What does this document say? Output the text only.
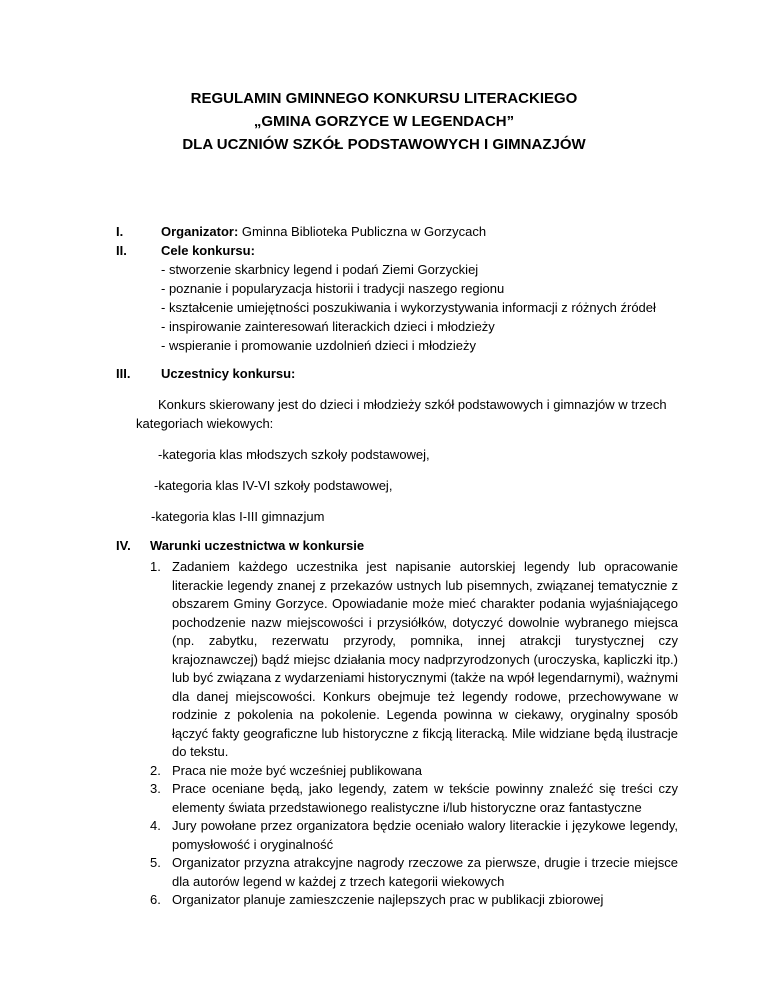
REGULAMIN GMINNEGO KONKURSU LITERACKIEGO
„GMINA GORZYCE W LEGENDACH”
DLA UCZNIÓW SZKÓŁ PODSTAWOWYCH I GIMNAZJÓW
I.	Organizator: Gminna Biblioteka Publiczna w Gorzycach
II.	Cele konkursu:
- stworzenie skarbnicy legend i podań Ziemi Gorzyckiej
- poznanie i popularyzacja historii i tradycji naszego regionu
- kształcenie umiejętności poszukiwania i wykorzystywania informacji z różnych źródeł
- inspirowanie zainteresowań literackich dzieci i młodzieży
- wspieranie i promowanie uzdolnień dzieci i młodzieży
III. Uczestnicy konkursu:
Konkurs skierowany jest do dzieci i młodzieży szkół podstawowych i gimnazjów w trzech
kategoriach wiekowych:
-kategoria klas młodszych szkoły podstawowej,
-kategoria klas IV-VI szkoły podstawowej,
-kategoria klas I-III gimnazjum
IV. Warunki uczestnictwa w konkursie
1. Zadaniem każdego uczestnika jest napisanie autorskiej legendy lub opracowanie literackie legendy znanej z przekazów ustnych lub pisemnych, związanej tematycznie z obszarem Gminy Gorzyce. Opowiadanie może mieć charakter podania wyjaśniającego pochodzenie nazw miejscowości i przysiółków, dotyczyć dowolnie wybranego miejsca (np. zabytku, rezerwatu przyrody, pomnika, innej atrakcji turystycznej czy krajoznawczej) bądź miejsc działania mocy nadprzyrodzonych (uroczyska, kapliczki itp.) lub być związana z wydarzeniami historycznymi (także na wpół legendarnymi), ważnymi dla danej miejscowości. Konkurs obejmuje też legendy rodowe, przechowywane w rodzinie z pokolenia na pokolenie. Legenda powinna w ciekawy, oryginalny sposób łączyć fakty geograficzne lub historyczne z fikcją literacką. Mile widziane będą ilustracje do tekstu.
2. Praca nie może być wcześniej publikowana
3. Prace oceniane będą, jako legendy, zatem w tekście powinny znaleźć się treści czy elementy świata przedstawionego realistyczne i/lub historyczne oraz fantastyczne
4. Jury powołane przez organizatora będzie oceniało walory literackie i językowe legendy, pomysłowość i oryginalność
5. Organizator przyzna atrakcyjne nagrody rzeczowe za pierwsze, drugie i trzecie miejsce dla autorów legend w każdej z trzech kategorii wiekowych
6. Organizator planuje zamieszczenie najlepszych prac w publikacji zbiorowej
